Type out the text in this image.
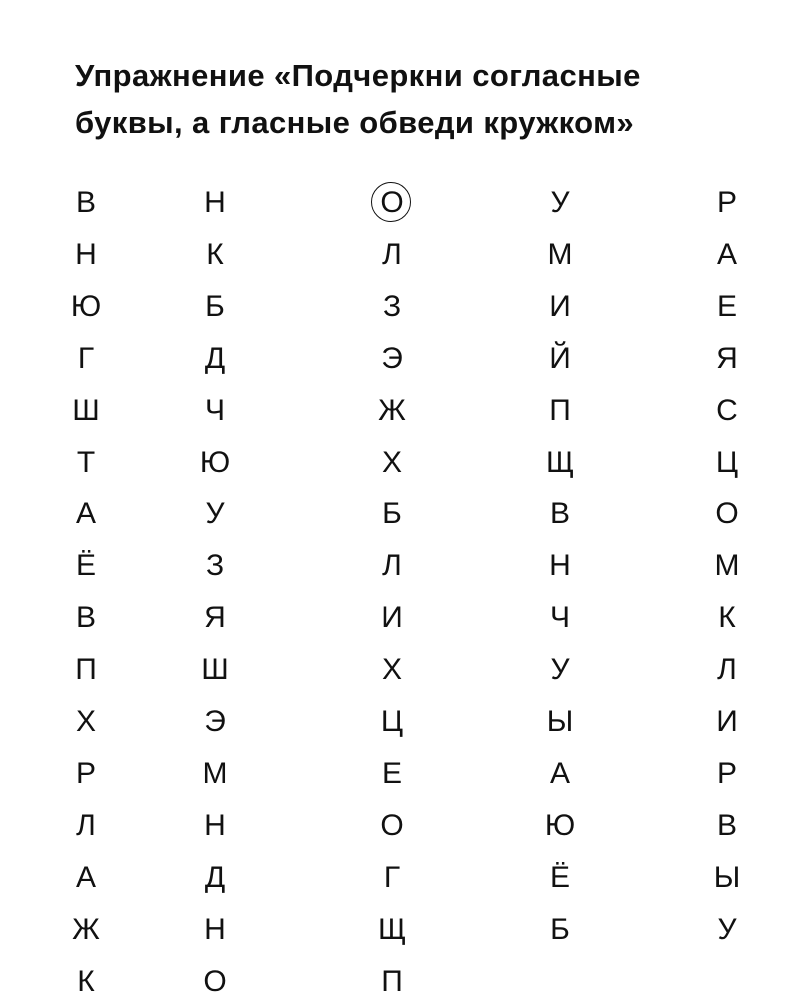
Упражнение «Подчеркни согласные
буквы, а гласные обведи кружком»
В
Н
Ю
Г
Ш
Т
А
Ё
В
П
Х
Р
Л
А
Ж
К
Н
К
Б
Д
Ч
Ю
У
З
Я
Ш
Э
М
Н
Д
Н
О
О
Л
З
Э
Ж
Х
Б
Л
И
Х
Ц
Е
О
Г
Щ
П
У
М
И
Й
П
Щ
В
Н
Ч
У
Ы
А
Ю
Ё
Б
Р
А
Е
Я
С
Ц
О
М
К
Л
И
Р
В
Ы
У
